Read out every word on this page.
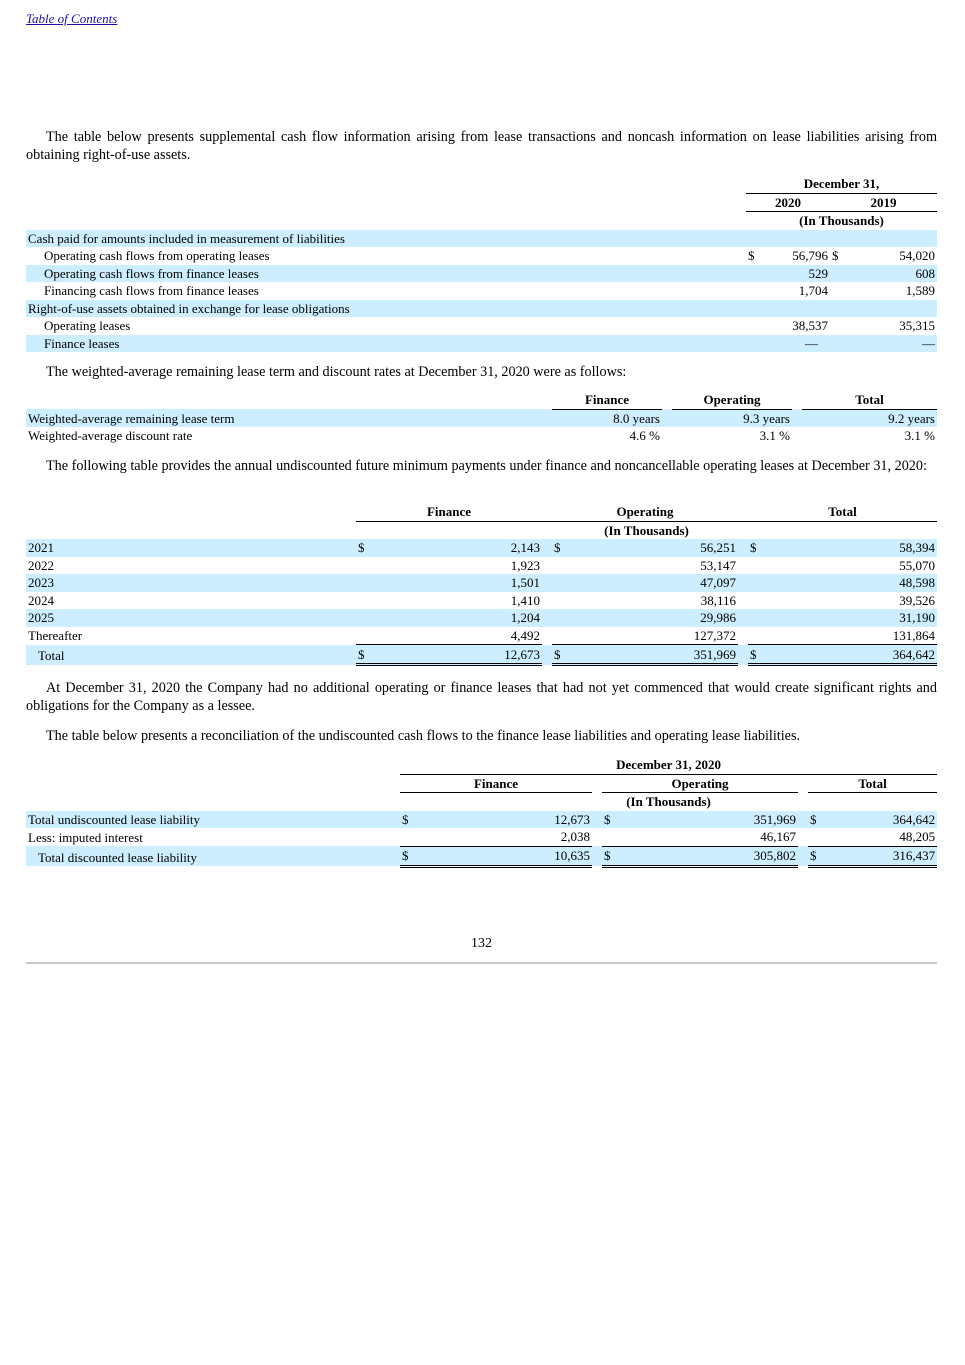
Table of Contents

The table below presents supplemental cash flow information arising from lease transactions and noncash information on lease liabilities arising from obtaining right-of-use assets.

	December 31,			
	2020		2019	
	(In Thousands)			
Cash paid for amounts included in measurement of liabilities				
Operating cash flows from operating leases	$	56,796	$	54,020
Operating cash flows from finance leases		529		608
Financing cash flows from finance leases		1,704		1,589
Right-of-use assets obtained in exchange for lease obligations				
Operating leases		38,537		35,315
Finance leases		—		—

The weighted-average remaining lease term and discount rates at December 31, 2020 were as follows:

	Finance		Operating		Total
Weighted-average remaining lease term	8.0 years		9.3 years		9.2 years
Weighted-average discount rate	4.6 %		3.1 %		3.1 %

The following table provides the annual undiscounted future minimum payments under finance and noncancellable operating leases at December 31, 2020:

	Finance			Operating			Total	
	(In Thousands)							
2021	$	2,143		$	56,251		$	58,394
2022		1,923			53,147			55,070
2023		1,501			47,097			48,598
2024		1,410			38,116			39,526
2025		1,204			29,986			31,190
Thereafter		4,492			127,372			131,864
Total	$	12,673		$	351,969		$	364,642

At December 31, 2020 the Company had no additional operating or finance leases that had not yet commenced that would create significant rights and obligations for the Company as a lessee.

The table below presents a reconciliation of the undiscounted cash flows to the finance lease liabilities and operating lease liabilities.

	December 31, 2020							
	Finance			Operating			Total	
	(In Thousands)							
Total undiscounted lease liability	$	12,673		$	351,969		$	364,642
Less: imputed interest		2,038			46,167			48,205
Total discounted lease liability	$	10,635		$	305,802		$	316,437
132
